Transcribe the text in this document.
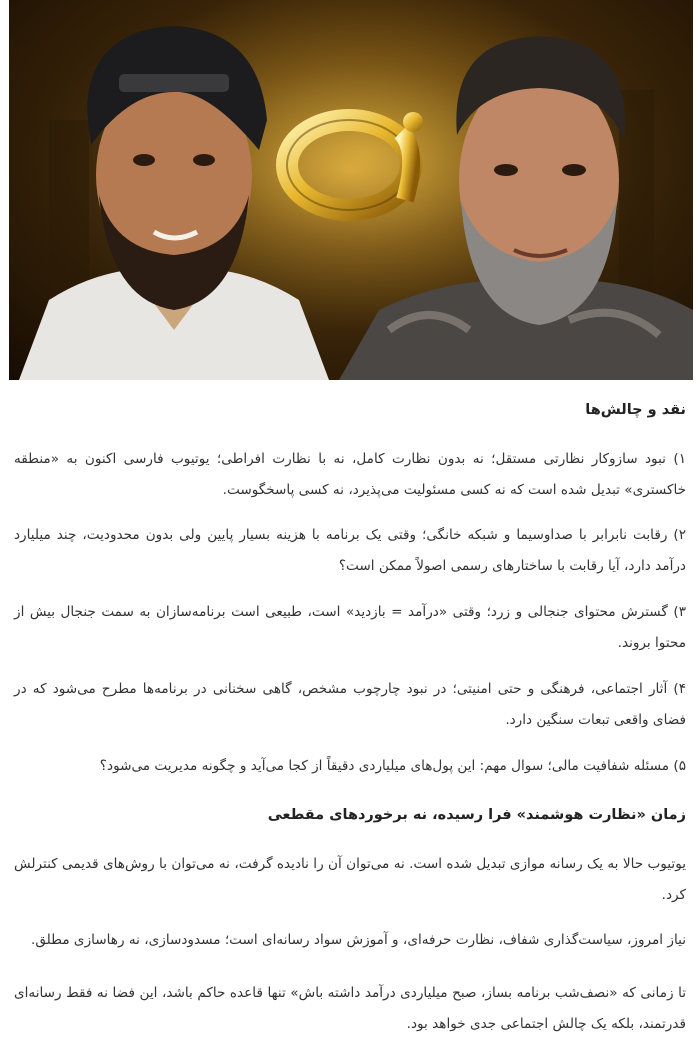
نقد و چالش‌ها

۱) نبود سازوکار نظارتی مستقل؛ نه بدون نظارت کامل، نه با نظارت افراطی؛ یوتیوب فارسی اکنون به «منطقه خاکستری» تبدیل شده است که نه کسی مسئولیت می‌پذیرد، نه کسی پاسخگوست.

۲) رقابت نابرابر با صداوسیما و شبکه خانگی؛ وقتی یک برنامه با هزینه بسیار پایین ولی بدون محدودیت، چند میلیارد درآمد دارد، آیا رقابت با ساختارهای رسمی اصولاً ممکن است؟

۳) گسترش محتوای جنجالی و زرد؛ وقتی «درآمد = بازدید» است، طبیعی است برنامه‌سازان به سمت جنجال بیش از محتوا بروند.

۴) آثار اجتماعی، فرهنگی و حتی امنیتی؛ در نبود چارچوب مشخص، گاهی سخنانی در برنامه‌ها مطرح می‌شود که در فضای واقعی تبعات سنگین دارد.

۵) مسئله شفافیت مالی؛ سوال مهم: این پول‌های میلیاردی دقیقاً از کجا می‌آید و چگونه مدیریت می‌شود؟

زمان «نظارت هوشمند» فرا رسیده، نه برخوردهای مقطعی

یوتیوب حالا به یک رسانه موازی تبدیل شده است. نه می‌توان آن را نادیده گرفت، نه می‌توان با روش‌های قدیمی کنترلش کرد.

نیاز امروز، سیاست‌گذاری شفاف، نظارت حرفه‌ای، و آموزش سواد رسانه‌ای است؛ مسدودسازی، نه رهاسازی مطلق.

تا زمانی که «نصف‌شب برنامه بساز، صبح میلیاردی درآمد داشته باش» تنها قاعده حاکم باشد، این فضا نه فقط رسانه‌ای قدرتمند، بلکه یک چالش اجتماعی جدی خواهد بود.
